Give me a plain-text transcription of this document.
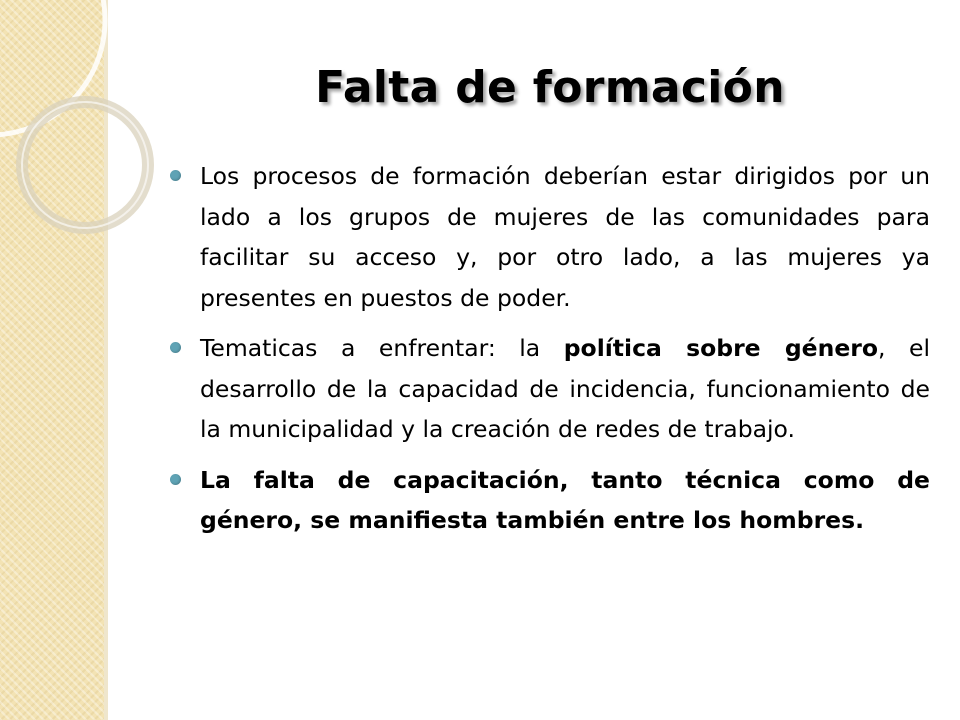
Falta de formación
Los procesos de formación deberían estar dirigidos por un lado a los grupos de mujeres de las comunidades para facilitar su acceso y, por otro lado, a las mujeres ya presentes en puestos de poder.
Tematicas a enfrentar: la política sobre género, el desarrollo de la capacidad de incidencia, funcionamiento de la municipalidad y la creación de redes de trabajo.
La falta de capacitación, tanto técnica como de género, se manifiesta también entre los hombres.
